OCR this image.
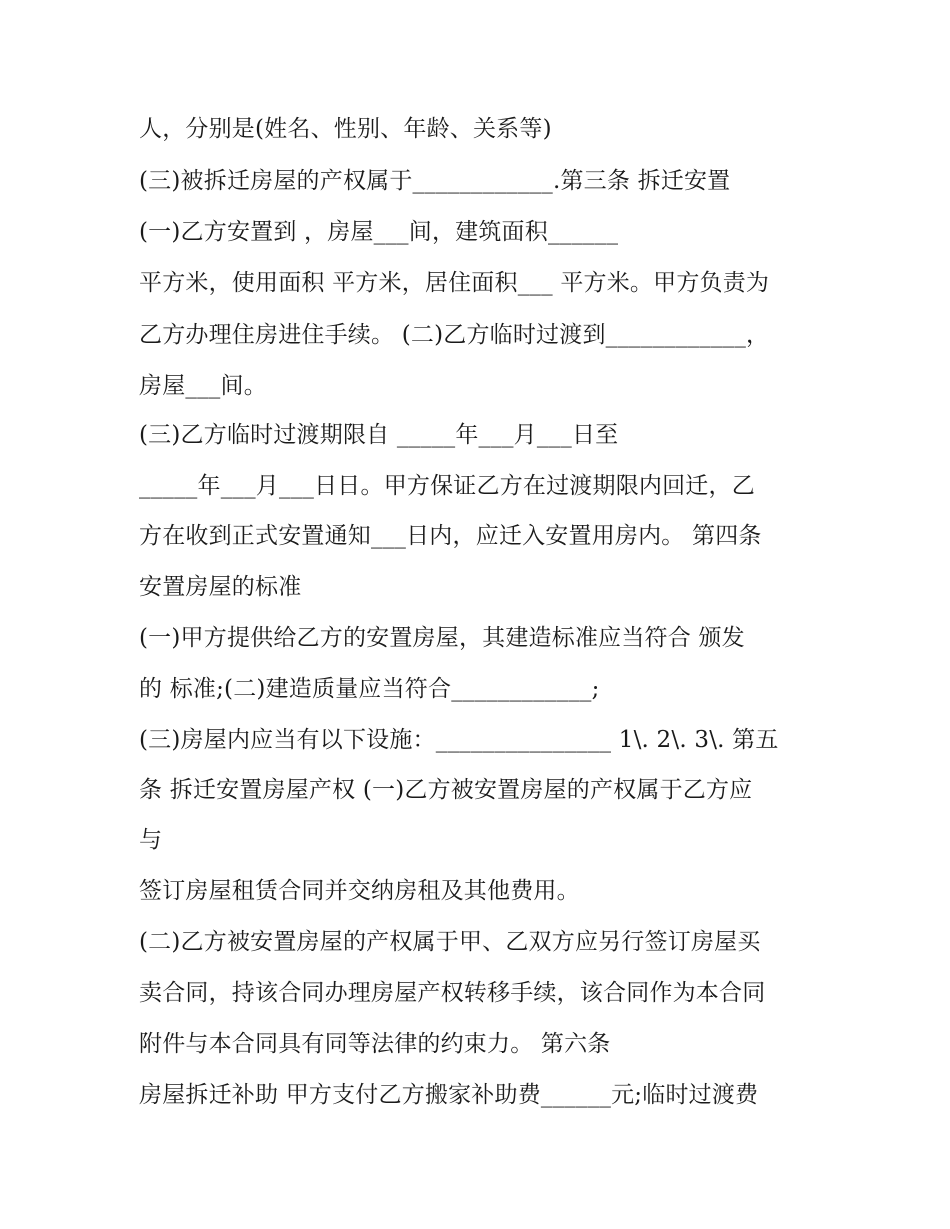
人，分别是(姓名、性别、年龄、关系等)
(三)被拆迁房屋的产权属于____________.第三条 拆迁安置
(一)乙方安置到 ，房屋___间，建筑面积______
平方米，使用面积 平方米，居住面积___ 平方米。甲方负责为
乙方办理住房进住手续。 (二)乙方临时过渡到____________，
房屋___间。
(三)乙方临时过渡期限自 _____年___月___日至
_____年___月___日日。甲方保证乙方在过渡期限内回迁，乙
方在收到正式安置通知___日内，应迁入安置用房内。 第四条
安置房屋的标准
(一)甲方提供给乙方的安置房屋，其建造标准应当符合 颁发
的 标准;(二)建造质量应当符合____________;
(三)房屋内应当有以下设施：_______________ 1\. 2\. 3\. 第五
条 拆迁安置房屋产权 (一)乙方被安置房屋的产权属于乙方应
与
签订房屋租赁合同并交纳房租及其他费用。
(二)乙方被安置房屋的产权属于甲、乙双方应另行签订房屋买
卖合同，持该合同办理房屋产权转移手续，该合同作为本合同
附件与本合同具有同等法律的约束力。 第六条
房屋拆迁补助 甲方支付乙方搬家补助费______元;临时过渡费
